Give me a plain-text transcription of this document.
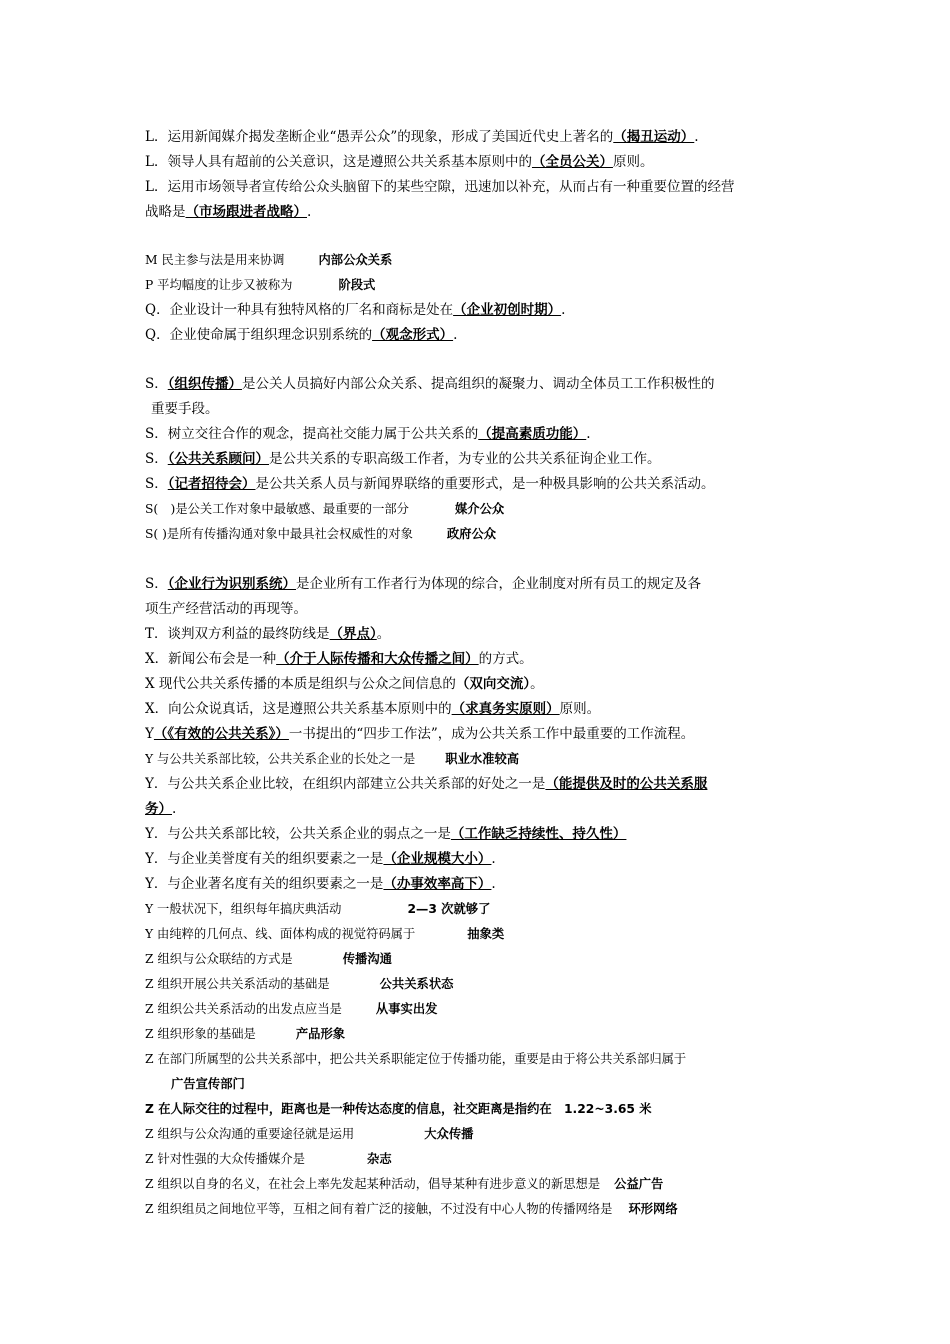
L．运用新闻媒介揭发垄断企业“愚弄公众”的现象，形成了美国近代史上著名的（揭丑运动）.
L．领导人具有超前的公关意识，这是遵照公共关系基本原则中的（全员公关）原则。
L．运用市场领导者宣传给公众头脑留下的某些空隙，迅速加以补充，从而占有一种重要位置的经营
战略是（市场跟进者战略）.
M 民主参与法是用来协调	内部公众关系
P 平均幅度的让步又被称为	阶段式
Q．企业设计一种具有独特风格的厂名和商标是处在（企业初创时期）.
Q．企业使命属于组织理念识别系统的（观念形式）.
S．（组织传播）是公关人员搞好内部公众关系、提高组织的凝聚力、调动全体员工工作积极性的
重要手段。
S．树立交往合作的观念，提高社交能力属于公共关系的（提高素质功能）.
S．（公共关系顾问）是公共关系的专职高级工作者，为专业的公共关系征询企业工作。
S．（记者招待会）是公共关系人员与新闻界联络的重要形式，是一种极具影响的公共关系活动。
S(　)是公关工作对象中最敏感、最重要的一部分	媒介公众
S( )是所有传播沟通对象中最具社会权威性的对象	政府公众
S．（企业行为识别系统）是企业所有工作者行为体现的综合，企业制度对所有员工的规定及各
项生产经营活动的再现等。
T．谈判双方利益的最终防线是（界点）。
X．新闻公布会是一种（介于人际传播和大众传播之间）的方式。
X 现代公共关系传播的本质是组织与公众之间信息的（双向交流）。
X．向公众说真话，这是遵照公共关系基本原则中的（求真务实原则）原则。
Y（《有效的公共关系》）一书提出的“四步工作法”，成为公共关系工作中最重要的工作流程。
Y 与公共关系部比较，公共关系企业的长处之一是 职业水准较高
Y．与公共关系企业比较，在组织内部建立公共关系部的好处之一是（能提供及时的公共关系服
务）.
Y．与公共关系部比较，公共关系企业的弱点之一是（工作缺乏持续性、持久性）
Y．与企业美誉度有关的组织要素之一是（企业规模大小）.
Y．与企业著名度有关的组织要素之一是（办事效率高下）.
Y 一般状况下，组织每年搞庆典活动	2—3 次就够了
Y 由纯粹的几何点、线、面体构成的视觉符码属于	抽象类
Z 组织与公众联结的方式是	传播沟通
Z 组织开展公共关系活动的基础是	公共关系状态
Z 组织公共关系活动的出发点应当是	从事实出发
Z 组织形象的基础是	产品形象
Z 在部门所属型的公共关系部中，把公共关系职能定位于传播功能，重要是由于将公共关系部归属于
广告宣传部门
Z 在人际交往的过程中，距离也是一种传达态度的信息，社交距离是指约在　1.22~3.65 米
Z 组织与公众沟通的重要途径就是运用	大众传播
Z 针对性强的大众传播媒介是	杂志
Z 组织以自身的名义，在社会上率先发起某种活动，倡导某种有进步意义的新思想是 公益广告
Z 组织组员之间地位平等，互相之间有着广泛的接触，不过没有中心人物的传播网络是 环形网络
